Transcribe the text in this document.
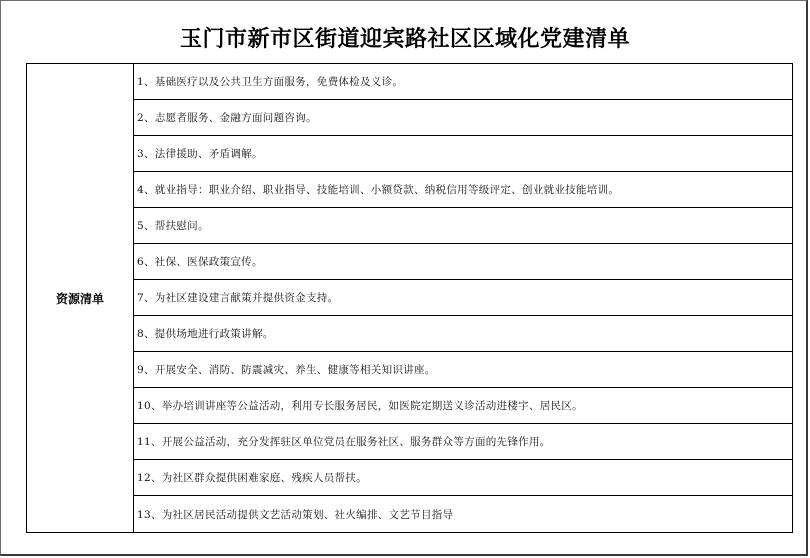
玉门市新市区街道迎宾路社区区域化党建清单
资源清单
1、基础医疗以及公共卫生方面服务，免费体检及义诊。
2、志愿者服务、金融方面问题咨询。
3、法律援助、矛盾调解。
4、就业指导：职业介绍、职业指导、技能培训、小额贷款、纳税信用等级评定、创业就业技能培训。
5、帮扶慰问。
6、社保、医保政策宣传。
7、为社区建设建言献策并提供资金支持。
8、提供场地进行政策讲解。
9、开展安全、消防、防震减灾、养生、健康等相关知识讲座。
10、举办培训讲座等公益活动，利用专长服务居民，如医院定期送义诊活动进楼宇、居民区。
11、开展公益活动，充分发挥驻区单位党员在服务社区、服务群众等方面的先锋作用。
12、为社区群众提供困难家庭、残疾人员帮扶。
13、为社区居民活动提供文艺活动策划、社火编排、文艺节目指导
